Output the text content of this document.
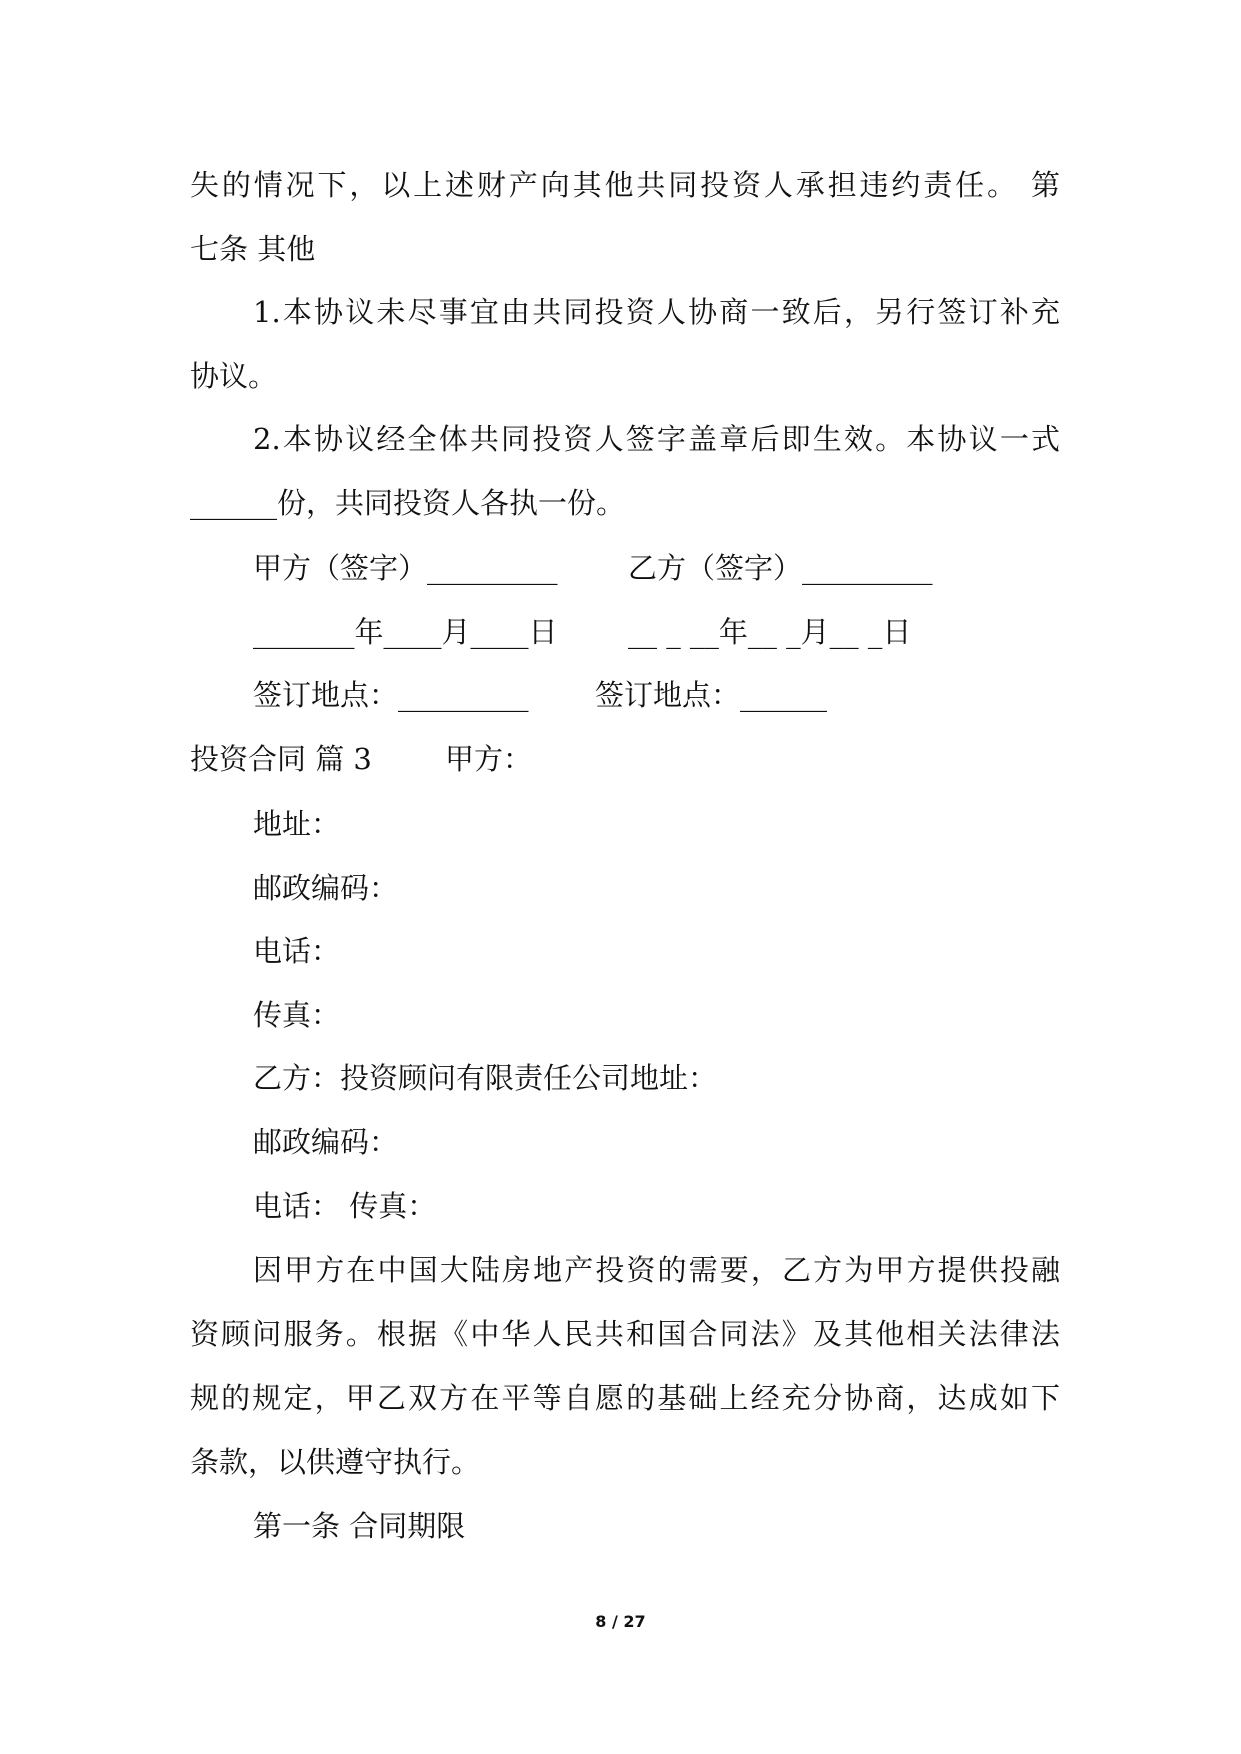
失的情况下，以上述财产向其他共同投资人承担违约责任。 第
七条 其他
1.本协议未尽事宜由共同投资人协商一致后，另行签订补充
协议。
2.本协议经全体共同投资人签字盖章后即生效。本协议一式
______份，共同投资人各执一份。
甲方（签字）_________ 乙方（签字）_________
_______年____月____日 __ _ __年__ _月__ _日
签订地点：_________ 签订地点：______
投资合同 篇 3	甲方：
地址：
邮政编码：
电话：
传真：
乙方：投资顾问有限责任公司地址：
邮政编码：
电话： 传真：
因甲方在中国大陆房地产投资的需要，乙方为甲方提供投融
资顾问服务。根据《中华人民共和国合同法》及其他相关法律法
规的规定，甲乙双方在平等自愿的基础上经充分协商，达成如下
条款，以供遵守执行。
第一条 合同期限
8 / 27
